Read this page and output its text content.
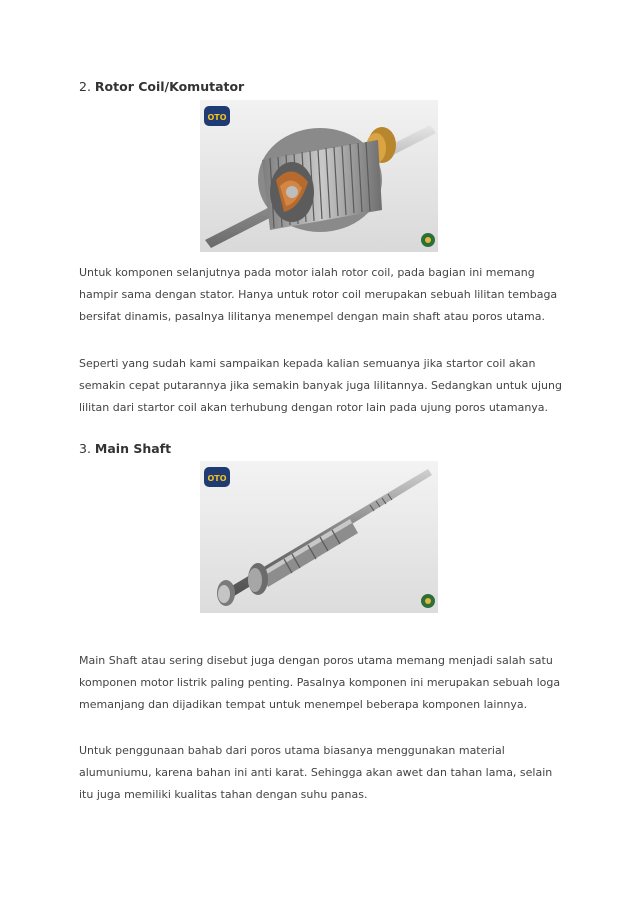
2. Rotor Coil/Komutator
OTO

Untuk komponen selanjutnya pada motor ialah rotor coil, pada bagian ini memang hampir sama dengan stator. Hanya untuk rotor coil merupakan sebuah lilitan tembaga bersifat dinamis, pasalnya lilitanya menempel dengan main shaft atau poros utama.

Seperti yang sudah kami sampaikan kepada kalian semuanya jika startor coil akan semakin cepat putarannya jika semakin banyak juga lilitannya. Sedangkan untuk ujung lilitan dari startor coil akan terhubung dengan rotor lain pada ujung poros utamanya.

3. Main Shaft
OTO

Main Shaft atau sering disebut juga dengan poros utama memang menjadi salah satu komponen motor listrik paling penting. Pasalnya komponen ini merupakan sebuah loga memanjang dan dijadikan tempat untuk menempel beberapa komponen lainnya.

Untuk penggunaan bahab dari poros utama biasanya menggunakan material alumuniumu, karena bahan ini anti karat. Sehingga akan awet dan tahan lama, selain itu juga memiliki kualitas tahan dengan suhu panas.
